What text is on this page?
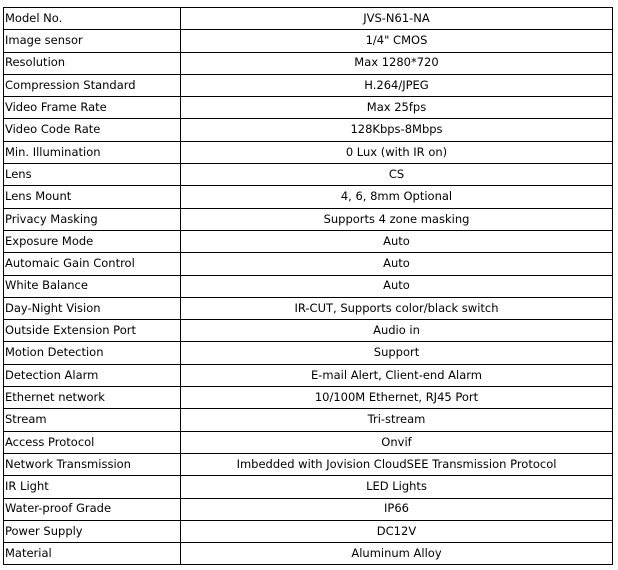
Model No.	JVS-N61-NA
Image sensor	1/4" CMOS
Resolution	Max 1280*720
Compression Standard	H.264/JPEG
Video Frame Rate	Max 25fps
Video Code Rate	128Kbps-8Mbps
Min. Illumination	0 Lux (with IR on)
Lens	CS
Lens Mount	4, 6, 8mm Optional
Privacy Masking	Supports 4 zone masking
Exposure Mode	Auto
Automaic Gain Control	Auto
White Balance	Auto
Day-Night Vision	IR-CUT, Supports color/black switch
Outside Extension Port	Audio in
Motion Detection	Support
Detection Alarm	E-mail Alert, Client-end Alarm
Ethernet network	10/100M Ethernet, RJ45 Port
Stream	Tri-stream
Access Protocol	Onvif
Network Transmission	Imbedded with Jovision CloudSEE Transmission Protocol
IR Light	LED Lights
Water-proof Grade	IP66
Power Supply	DC12V
Material	Aluminum Alloy
